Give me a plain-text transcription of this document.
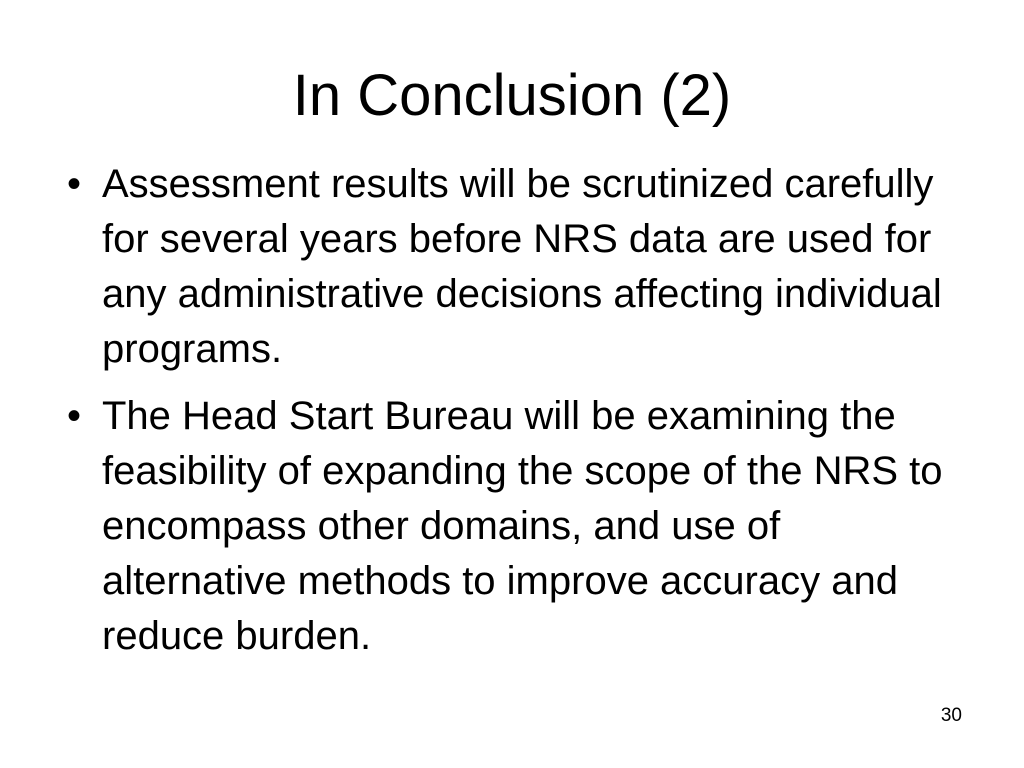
In Conclusion (2)
• Assessment results will be scrutinized carefully for several years before NRS data are used for any administrative decisions affecting individual programs.
• The Head Start Bureau will be examining the feasibility of expanding the scope of the NRS to encompass other domains, and use of alternative methods to improve accuracy and reduce burden.
30
